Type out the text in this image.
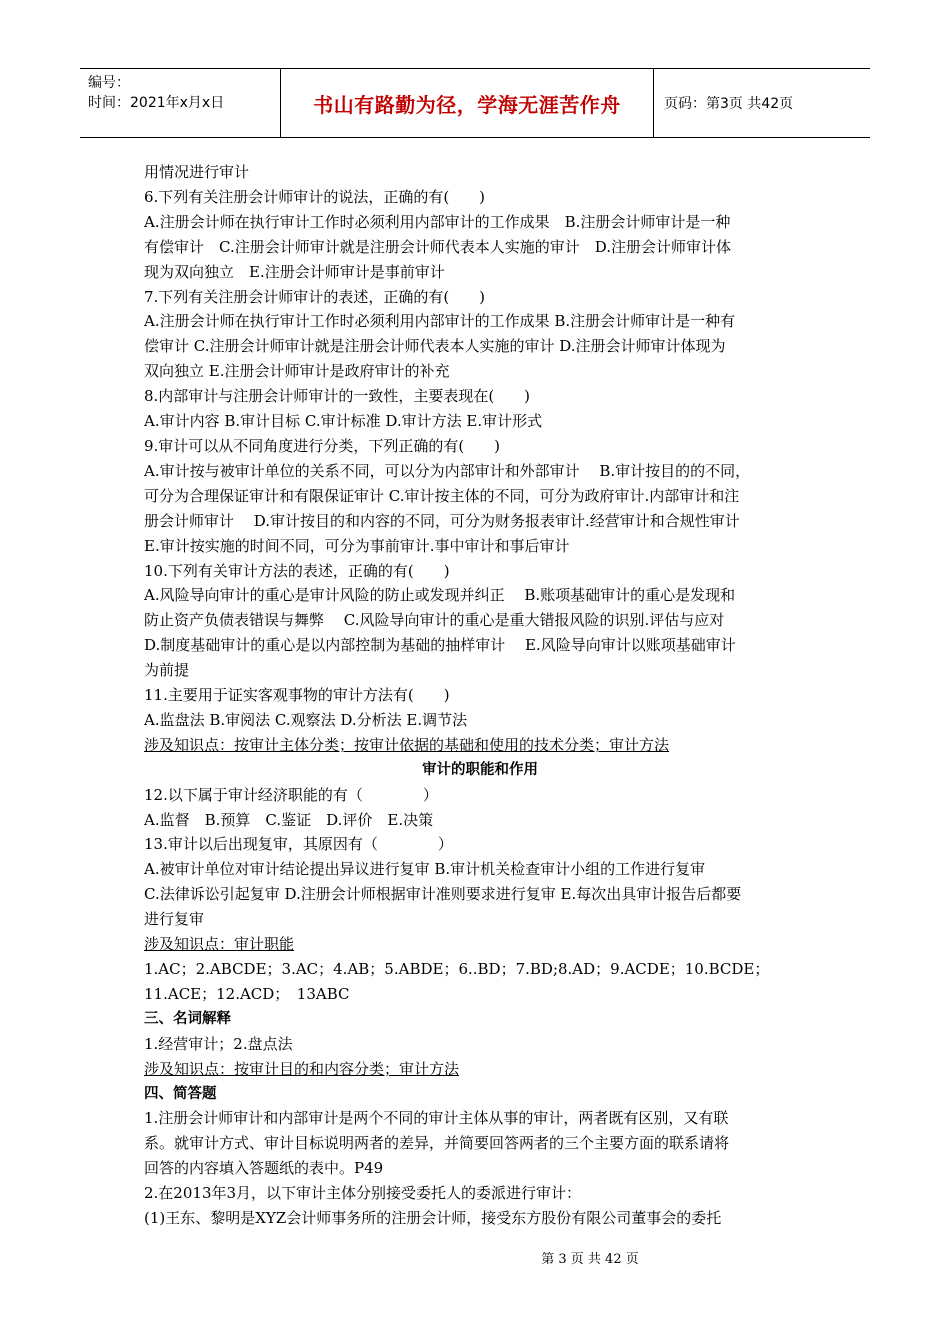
编号：
时间：2021年x月x日	书山有路勤为径，学海无涯苦作舟	页码：第3页 共42页
用情况进行审计
6.下列有关注册会计师审计的说法，正确的有(　　)
A.注册会计师在执行审计工作时必须利用内部审计的工作成果　B.注册会计师审计是一种
有偿审计　C.注册会计师审计就是注册会计师代表本人实施的审计　D.注册会计师审计体
现为双向独立　E.注册会计师审计是事前审计
7.下列有关注册会计师审计的表述，正确的有(　　)
A.注册会计师在执行审计工作时必须利用内部审计的工作成果 B.注册会计师审计是一种有
偿审计 C.注册会计师审计就是注册会计师代表本人实施的审计 D.注册会计师审计体现为
双向独立 E.注册会计师审计是政府审计的补充
8.内部审计与注册会计师审计的一致性，主要表现在(　　)
A.审计内容 B.审计目标 C.审计标准 D.审计方法 E.审计形式
9.审计可以从不同角度进行分类，下列正确的有(　　)
A.审计按与被审计单位的关系不同，可以分为内部审计和外部审计　 B.审计按目的的不同，
可分为合理保证审计和有限保证审计 C.审计按主体的不同，可分为政府审计.内部审计和注
册会计师审计　 D.审计按目的和内容的不同，可分为财务报表审计.经营审计和合规性审计
E.审计按实施的时间不同，可分为事前审计.事中审计和事后审计
10.下列有关审计方法的表述，正确的有(　　)
A.风险导向审计的重心是审计风险的防止或发现并纠正　 B.账项基础审计的重心是发现和
防止资产负债表错误与舞弊　 C.风险导向审计的重心是重大错报风险的识别.评估与应对
D.制度基础审计的重心是以内部控制为基础的抽样审计　 E.风险导向审计以账项基础审计
为前提
11.主要用于证实客观事物的审计方法有(　　)
A.监盘法 B.审阅法 C.观察法 D.分析法 E.调节法
涉及知识点：按审计主体分类；按审计依据的基础和使用的技术分类；审计方法
审计的职能和作用
12.以下属于审计经济职能的有（　　　　）
A.监督　B.预算　C.鉴证　D.评价　E.决策
13.审计以后出现复审，其原因有（　　　　）
A.被审计单位对审计结论提出异议进行复审 B.审计机关检查审计小组的工作进行复审
C.法律诉讼引起复审 D.注册会计师根据审计准则要求进行复审 E.每次出具审计报告后都要
进行复审
涉及知识点：审计职能
1.AC；2.ABCDE；3.AC；4.AB；5.ABDE；6..BD；7.BD;8.AD；9.ACDE；10.BCDE；
11.ACE；12.ACD；　13ABC
三、名词解释
1.经营审计；2.盘点法
涉及知识点：按审计目的和内容分类；审计方法
四、简答题
1.注册会计师审计和内部审计是两个不同的审计主体从事的审计，两者既有区别，又有联
系。就审计方式、审计目标说明两者的差异，并简要回答两者的三个主要方面的联系请将
回答的内容填入答题纸的表中。P49
2.在2013年3月，以下审计主体分别接受委托人的委派进行审计：
(1)王东、黎明是XYZ会计师事务所的注册会计师，接受东方股份有限公司董事会的委托
第 3 页 共 42 页
